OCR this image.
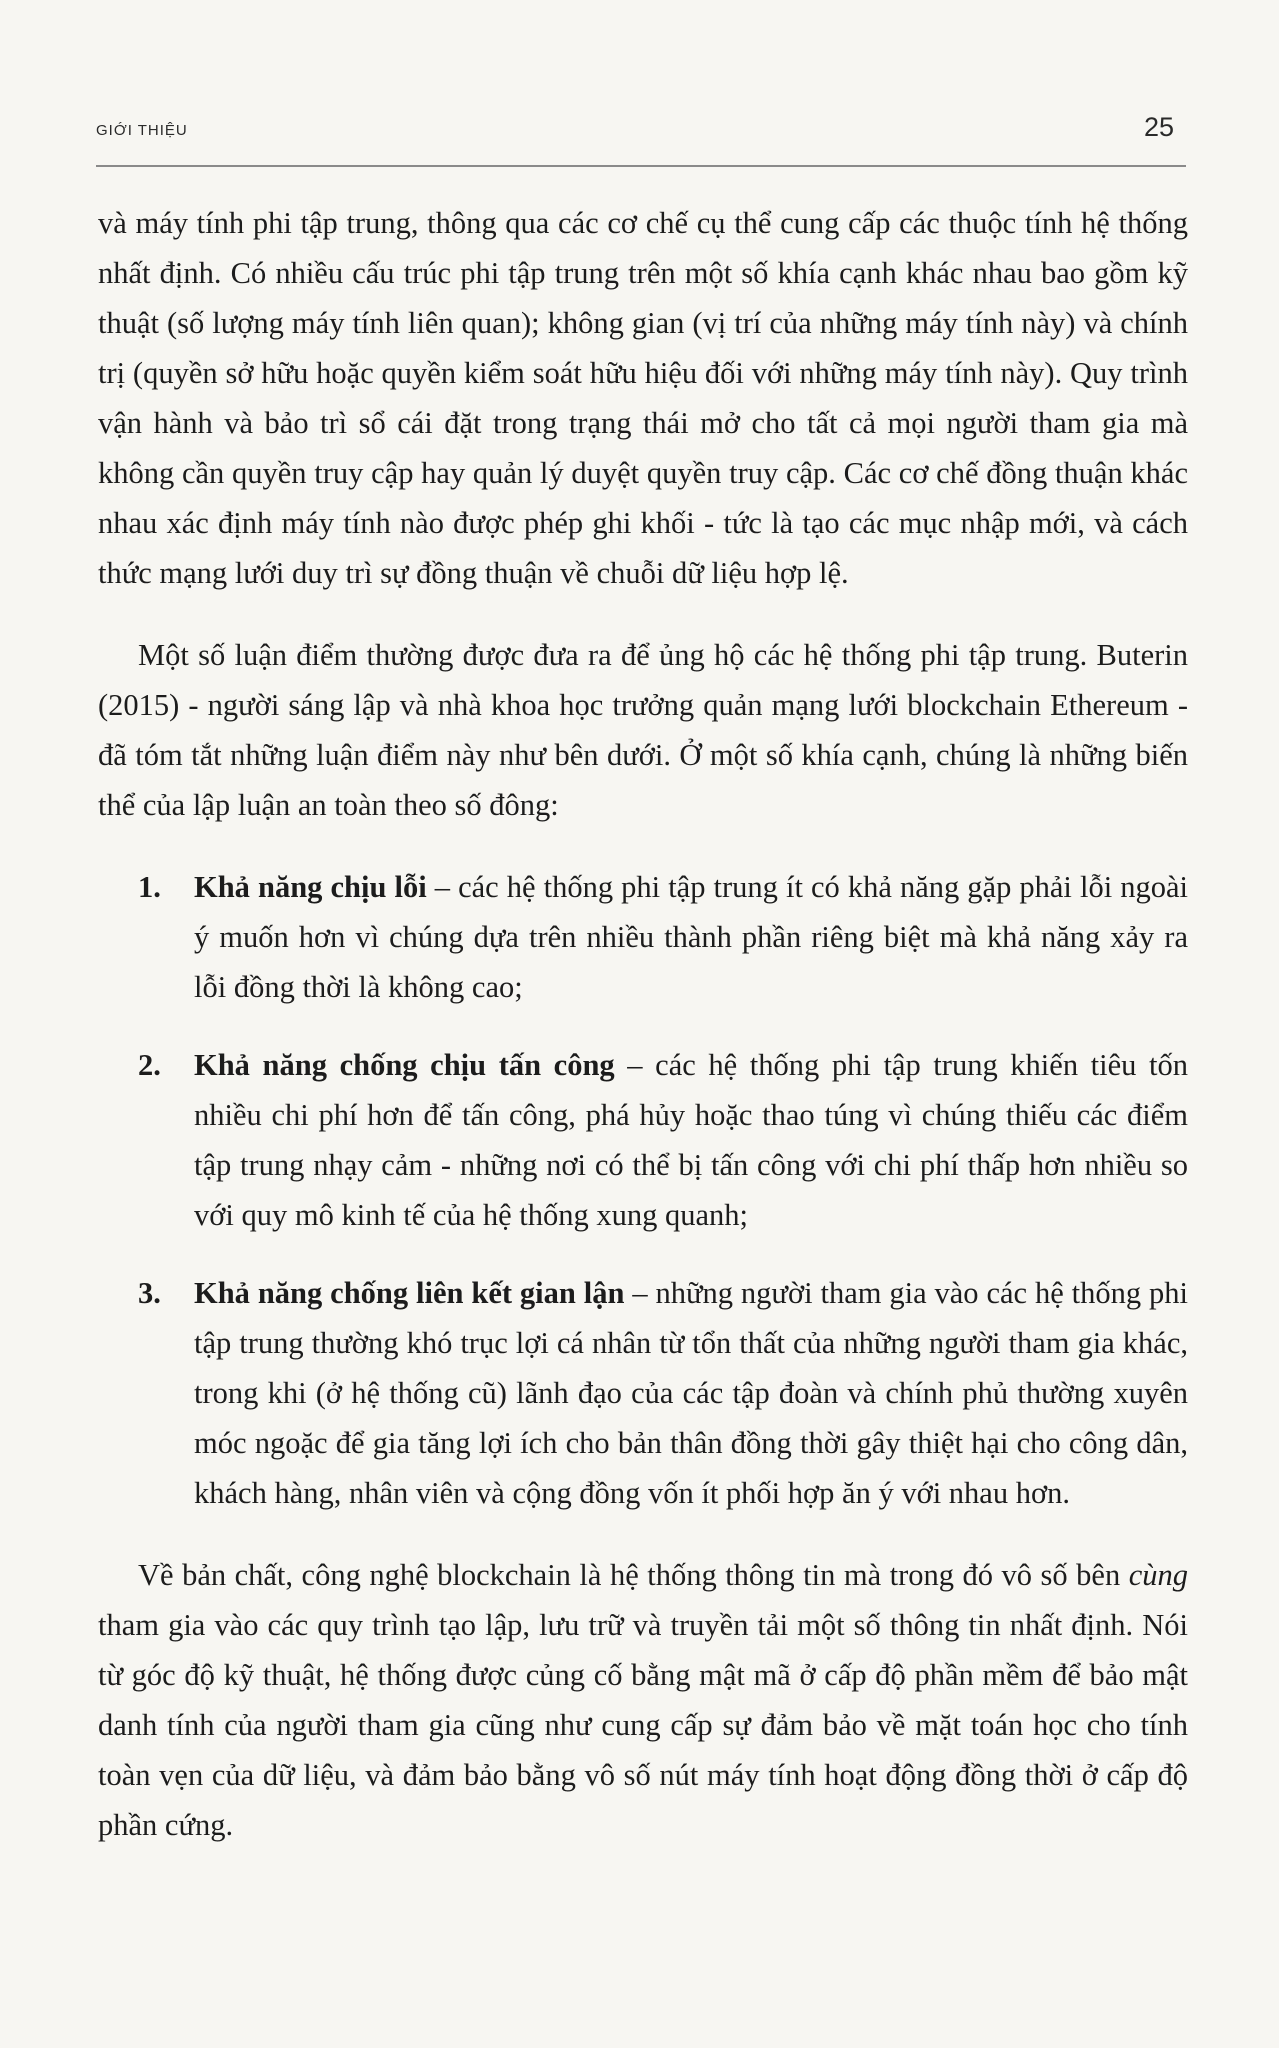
GIỚI THIỆU	25

và máy tính phi tập trung, thông qua các cơ chế cụ thể cung cấp các thuộc tính hệ thống nhất định. Có nhiều cấu trúc phi tập trung trên một số khía cạnh khác nhau bao gồm kỹ thuật (số lượng máy tính liên quan); không gian (vị trí của những máy tính này) và chính trị (quyền sở hữu hoặc quyền kiểm soát hữu hiệu đối với những máy tính này). Quy trình vận hành và bảo trì sổ cái đặt trong trạng thái mở cho tất cả mọi người tham gia mà không cần quyền truy cập hay quản lý duyệt quyền truy cập. Các cơ chế đồng thuận khác nhau xác định máy tính nào được phép ghi khối - tức là tạo các mục nhập mới, và cách thức mạng lưới duy trì sự đồng thuận về chuỗi dữ liệu hợp lệ.

Một số luận điểm thường được đưa ra để ủng hộ các hệ thống phi tập trung. Buterin (2015) - người sáng lập và nhà khoa học trưởng quản mạng lưới blockchain Ethereum - đã tóm tắt những luận điểm này như bên dưới. Ở một số khía cạnh, chúng là những biến thể của lập luận an toàn theo số đông:

1.	Khả năng chịu lỗi – các hệ thống phi tập trung ít có khả năng gặp phải lỗi ngoài ý muốn hơn vì chúng dựa trên nhiều thành phần riêng biệt mà khả năng xảy ra lỗi đồng thời là không cao;
2.	Khả năng chống chịu tấn công – các hệ thống phi tập trung khiến tiêu tốn nhiều chi phí hơn để tấn công, phá hủy hoặc thao túng vì chúng thiếu các điểm tập trung nhạy cảm - những nơi có thể bị tấn công với chi phí thấp hơn nhiều so với quy mô kinh tế của hệ thống xung quanh;
3.	Khả năng chống liên kết gian lận – những người tham gia vào các hệ thống phi tập trung thường khó trục lợi cá nhân từ tổn thất của những người tham gia khác, trong khi (ở hệ thống cũ) lãnh đạo của các tập đoàn và chính phủ thường xuyên móc ngoặc để gia tăng lợi ích cho bản thân đồng thời gây thiệt hại cho công dân, khách hàng, nhân viên và cộng đồng vốn ít phối hợp ăn ý với nhau hơn.

Về bản chất, công nghệ blockchain là hệ thống thông tin mà trong đó vô số bên cùng tham gia vào các quy trình tạo lập, lưu trữ và truyền tải một số thông tin nhất định. Nói từ góc độ kỹ thuật, hệ thống được củng cố bằng mật mã ở cấp độ phần mềm để bảo mật danh tính của người tham gia cũng như cung cấp sự đảm bảo về mặt toán học cho tính toàn vẹn của dữ liệu, và đảm bảo bằng vô số nút máy tính hoạt động đồng thời ở cấp độ phần cứng.
